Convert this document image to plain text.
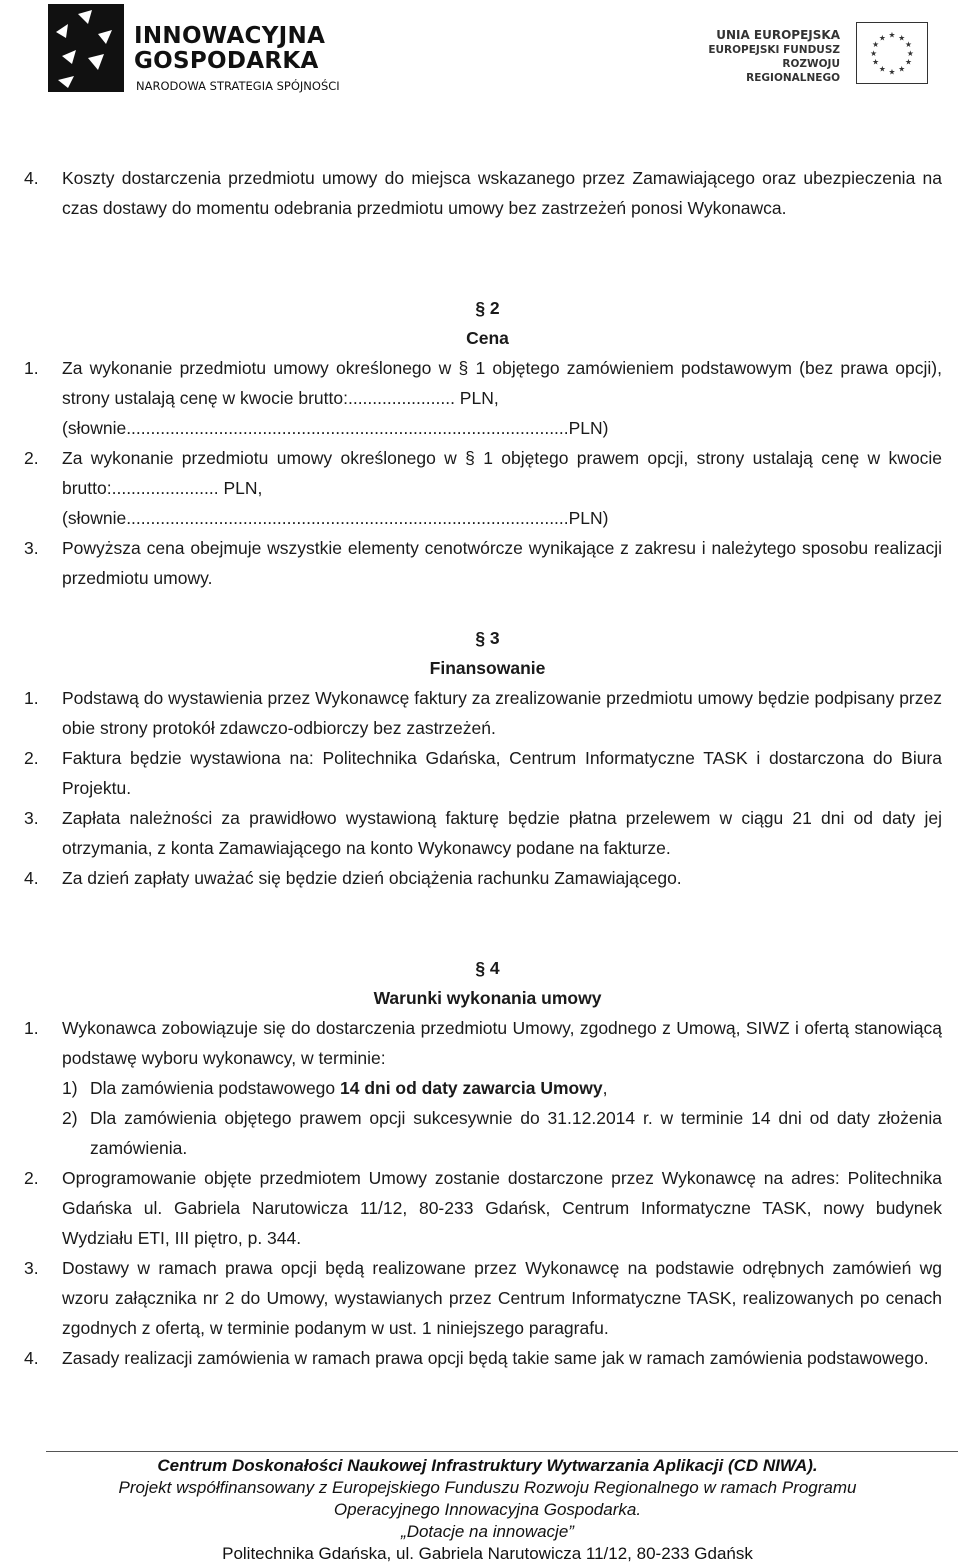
INNOWACYJNA
GOSPODARKA
NARODOWA STRATEGIA SPÓJNOŚCI
UNIA EUROPEJSKA
EUROPEJSKI FUNDUSZ
ROZWOJU REGIONALNEGO
★ ★
★
★
★
★
★
★
★
★
★
★
4.	Koszty dostarczenia przedmiotu umowy do miejsca wskazanego przez Zamawiającego oraz ubezpieczenia na czas dostawy do momentu odebrania przedmiotu umowy bez zastrzeżeń ponosi Wykonawca.
§ 2
Cena
1.	Za wykonanie przedmiotu umowy określonego w § 1 objętego zamówieniem podstawowym (bez prawa opcji), strony ustalają cenę w kwocie brutto:...................... PLN,
(słownie...........................................................................................PLN)
2.	Za wykonanie przedmiotu umowy określonego w § 1 objętego prawem opcji, strony ustalają cenę w kwocie brutto:...................... PLN,
(słownie...........................................................................................PLN)
3.	Powyższa cena obejmuje wszystkie elementy cenotwórcze wynikające z zakresu i należytego sposobu realizacji przedmiotu umowy.
§ 3
Finansowanie
1.	Podstawą do wystawienia przez Wykonawcę faktury za zrealizowanie przedmiotu umowy będzie podpisany przez obie strony protokół zdawczo-odbiorczy bez zastrzeżeń.
2.	Faktura będzie wystawiona na: Politechnika Gdańska, Centrum Informatyczne TASK i dostarczona do Biura Projektu.
3.	Zapłata należności za prawidłowo wystawioną fakturę będzie płatna przelewem w ciągu 21 dni od daty jej otrzymania, z konta Zamawiającego na konto Wykonawcy podane na fakturze.
4.	Za dzień zapłaty uważać się będzie dzień obciążenia rachunku Zamawiającego.
§ 4
Warunki wykonania umowy
1.	Wykonawca zobowiązuje się do dostarczenia przedmiotu Umowy, zgodnego z Umową, SIWZ i ofertą stanowiącą podstawę wyboru wykonawcy, w terminie:
1) Dla zamówienia podstawowego 14 dni od daty zawarcia Umowy,
2) Dla zamówienia objętego prawem opcji sukcesywnie do 31.12.2014 r. w terminie 14 dni od daty złożenia zamówienia.
2.	Oprogramowanie objęte przedmiotem Umowy zostanie dostarczone przez Wykonawcę na adres: Politechnika Gdańska ul. Gabriela Narutowicza 11/12, 80-233 Gdańsk, Centrum Informatyczne TASK, nowy budynek Wydziału ETI, III piętro, p. 344.
3.	Dostawy w ramach prawa opcji będą realizowane przez Wykonawcę na podstawie odrębnych zamówień wg wzoru załącznika nr 2 do Umowy, wystawianych przez Centrum Informatyczne TASK, realizowanych po cenach zgodnych z ofertą, w terminie podanym w ust. 1 niniejszego paragrafu.
4.	Zasady realizacji zamówienia w ramach prawa opcji będą takie same jak w ramach zamówienia podstawowego.
Centrum Doskonałości Naukowej Infrastruktury Wytwarzania Aplikacji (CD NIWA).
Projekt współfinansowany z Europejskiego Funduszu Rozwoju Regionalnego w ramach Programu
Operacyjnego Innowacyjna Gospodarka.
„Dotacje na innowacje”
Politechnika Gdańska, ul. Gabriela Narutowicza 11/12, 80-233 Gdańsk
